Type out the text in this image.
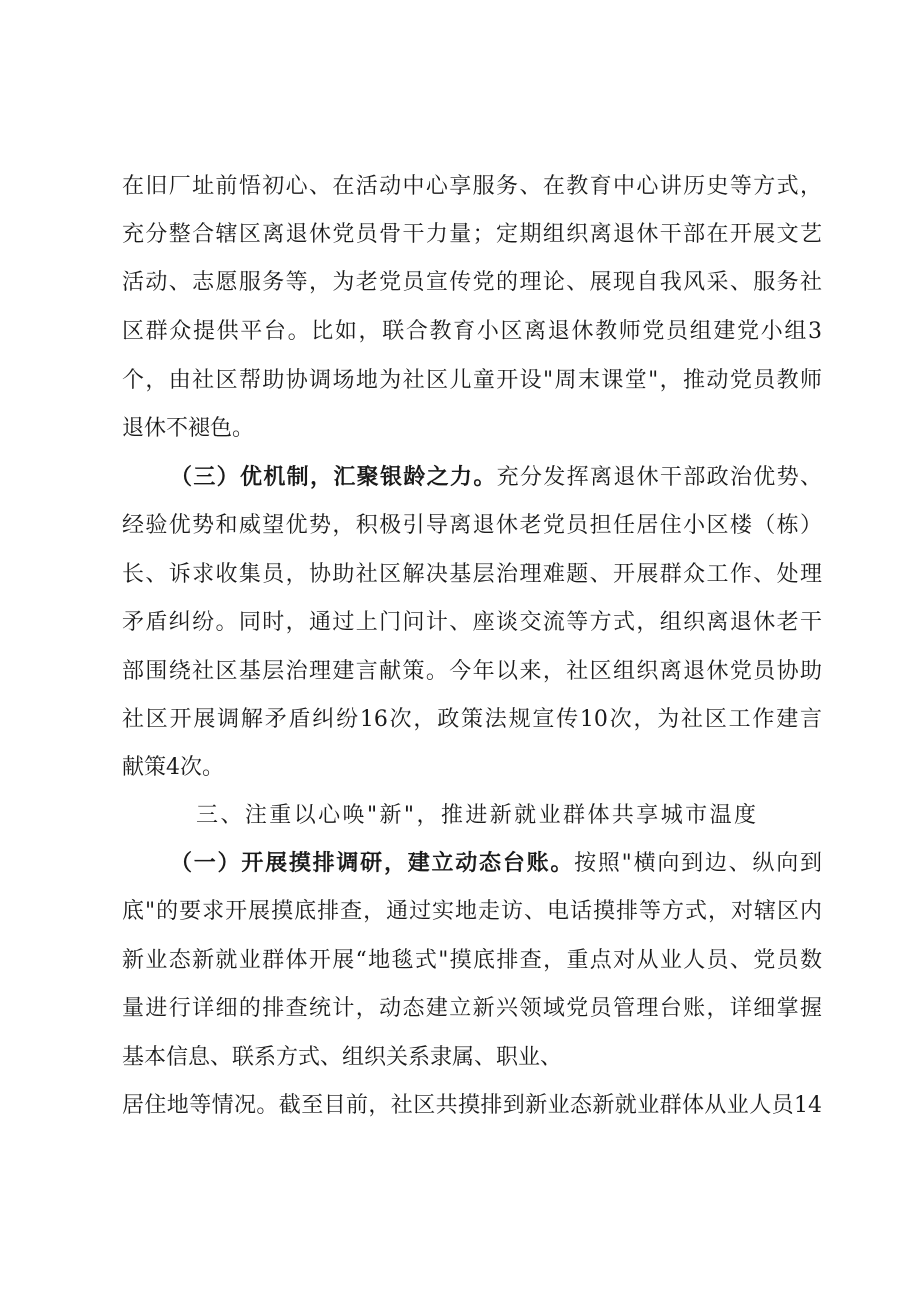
在旧厂址前悟初心、在活动中心享服务、在教育中心讲历史等方式，
充分整合辖区离退休党员骨干力量；定期组织离退休干部在开展文艺
活动、志愿服务等，为老党员宣传党的理论、展现自我风采、服务社
区群众提供平台。比如，联合教育小区离退休教师党员组建党小组3
个，由社区帮助协调场地为社区儿童开设"周末课堂"，推动党员教师
退休不褪色。
（三）优机制，汇聚银龄之力。充分发挥离退休干部政治优势、
经验优势和威望优势，积极引导离退休老党员担任居住小区楼（栋）
长、诉求收集员，协助社区解决基层治理难题、开展群众工作、处理
矛盾纠纷。同时，通过上门问计、座谈交流等方式，组织离退休老干
部围绕社区基层治理建言献策。今年以来，社区组织离退休党员协助
社区开展调解矛盾纠纷16次，政策法规宣传10次，为社区工作建言
献策4次。
三、注重以心唤"新"，推进新就业群体共享城市温度
（一）开展摸排调研，建立动态台账。按照"横向到边、纵向到
底"的要求开展摸底排查，通过实地走访、电话摸排等方式，对辖区内
新业态新就业群体开展“地毯式"摸底排查，重点对从业人员、党员数
量进行详细的排查统计，动态建立新兴领域党员管理台账，详细掌握
基本信息、联系方式、组织关系隶属、职业、
居住地等情况。截至目前，社区共摸排到新业态新就业群体从业人员14
